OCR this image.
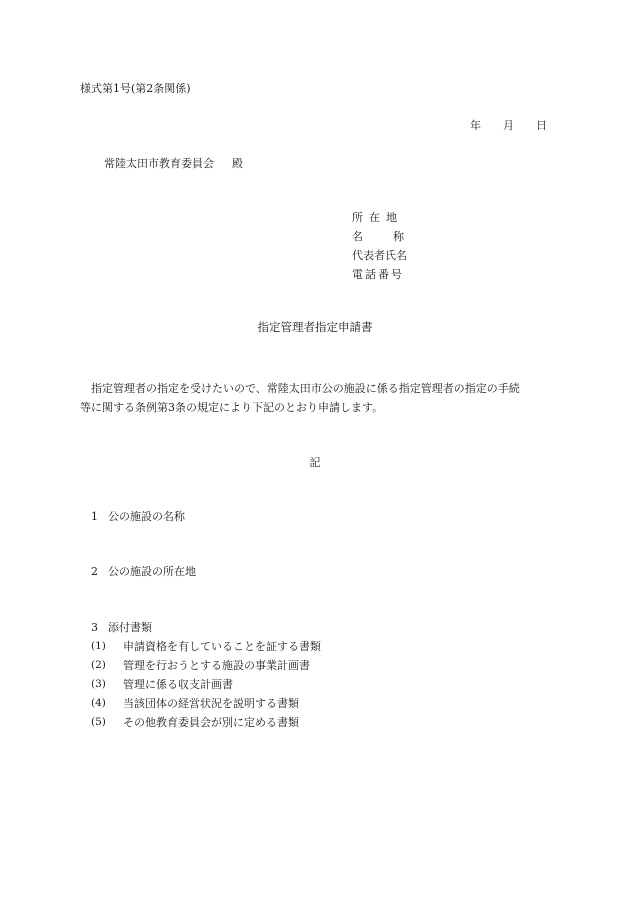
様式第1号(第2条関係)
年 月 日
常陸太田市教育委員会 殿
所在地
名称
代表者氏名
電話番号
指定管理者指定申請書
指定管理者の指定を受けたいので、常陸太田市公の施設に係る指定管理者の指定の手続
等に関する条例第3条の規定により下記のとおり申請します。
記
1 公の施設の名称
2 公の施設の所在地
3 添付書類
(1)	申請資格を有していることを証する書類
(2)	管理を行おうとする施設の事業計画書
(3)	管理に係る収支計画書
(4)	当該団体の経営状況を説明する書類
(5)	その他教育委員会が別に定める書類
